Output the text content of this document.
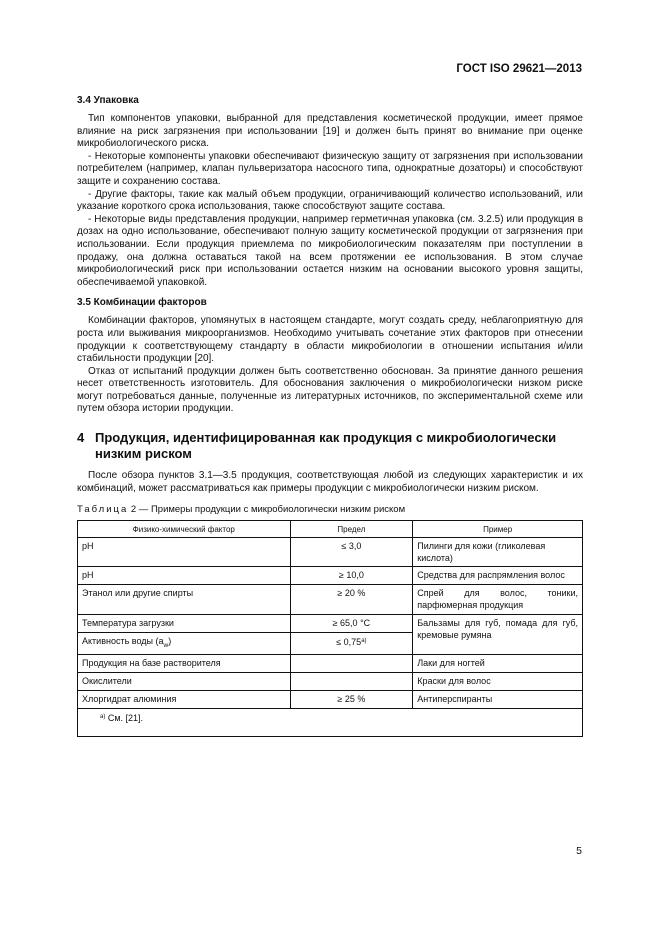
ГОСТ ISO 29621—2013
3.4 Упаковка

Тип компонентов упаковки, выбранной для представления косметической продукции, имеет прямое влияние на риск загрязнения при использовании [19] и должен быть принят во внимание при оценке микробиологического риска.

- Некоторые компоненты упаковки обеспечивают физическую защиту от загрязнения при использовании потребителем (например, клапан пульверизатора насосного типа, однократные дозаторы) и способствуют защите и сохранению состава.

- Другие факторы, такие как малый объем продукции, ограничивающий количество использований, или указание короткого срока использования, также способствуют защите состава.

- Некоторые виды представления продукции, например герметичная упаковка (см. 3.2.5) или продукция в дозах на одно использование, обеспечивают полную защиту косметической продукции от загрязнения при использовании. Если продукция приемлема по микробиологическим показателям при поступлении в продажу, она должна оставаться такой на всем протяжении ее использования. В этом случае микробиологический риск при использовании остается низким на основании высокого уровня защиты, обеспечиваемой упаковкой.

3.5 Комбинации факторов

Комбинации факторов, упомянутых в настоящем стандарте, могут создать среду, неблагоприятную для роста или выживания микроорганизмов. Необходимо учитывать сочетание этих факторов при отнесении продукции к соответствующему стандарту в области микробиологии в отношении испытания и/или стабильности продукции [20].

Отказ от испытаний продукции должен быть соответственно обоснован. За принятие данного решения несет ответственность изготовитель. Для обоснования заключения о микробиологически низком риске могут потребоваться данные, полученные из литературных источников, по экспериментальной схеме или путем обзора истории продукции.

4 Продукция, идентифицированная как продукция с микробиологически низким риском

После обзора пунктов 3.1—3.5 продукция, соответствующая любой из следующих характеристик и их комбинаций, может рассматриваться как примеры продукции с микробиологически низким риском.

Таблица 2 — Примеры продукции с микробиологически низким риском
Физико-химический фактор	Предел	Пример
pH	≤ 3,0	Пилинги для кожи (гликолевая кислота)
pH	≥ 10,0	Средства для распрямления волос
Этанол или другие спирты	≥ 20 %	Спрей для волос, тоники, парфюмерная продукция
Температура загрузки	≥ 65,0 °С	Бальзамы для губ, помада для губ, кремовые румяна
Активность воды $(a_w)$	≤ $0,75^{a)}$
Продукция на базе растворителя		Лаки для ногтей
Окислители		Краски для волос
Хлоргидрат алюминия	≥ 25 %	Антиперспиранты
$^{a)}$ См. [21].		
5
